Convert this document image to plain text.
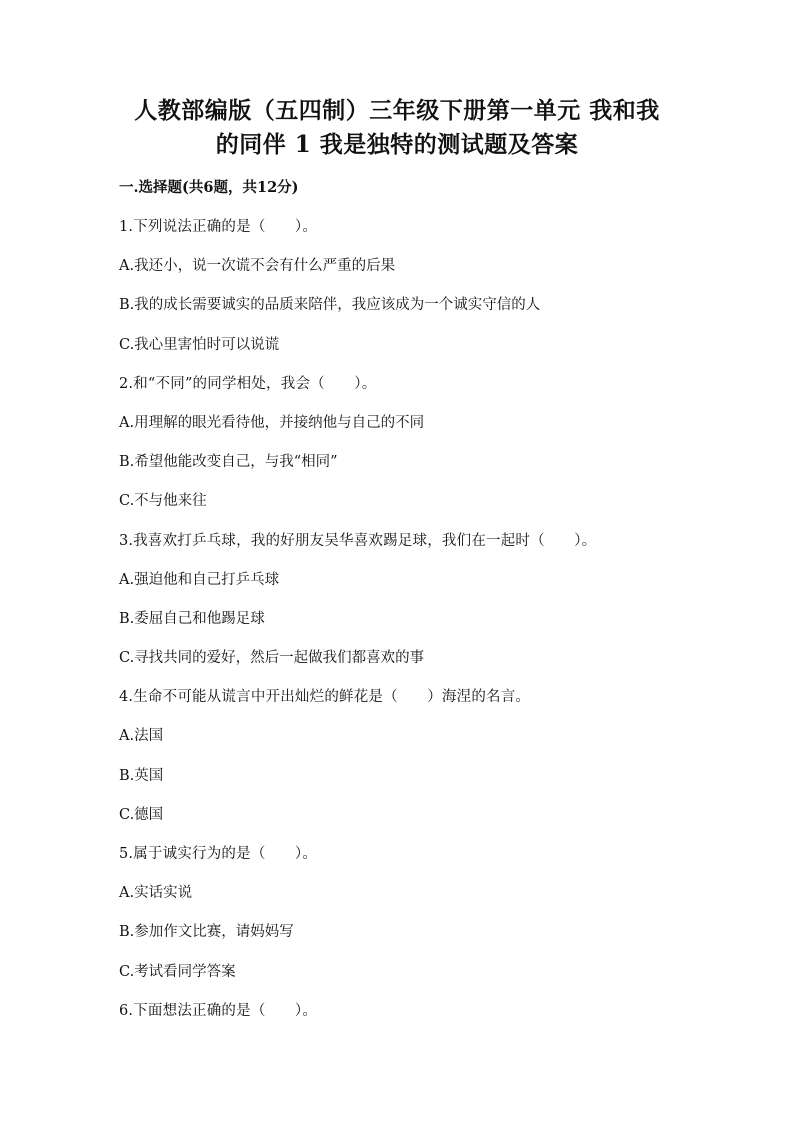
人教部编版（五四制）三年级下册第一单元 我和我
的同伴 1 我是独特的测试题及答案
一.选择题(共6题，共12分)
1.下列说法正确的是（　　）。
A.我还小，说一次谎不会有什么严重的后果
B.我的成长需要诚实的品质来陪伴，我应该成为一个诚实守信的人
C.我心里害怕时可以说谎
2.和“不同”的同学相处，我会（　　）。
A.用理解的眼光看待他，并接纳他与自己的不同
B.希望他能改变自己，与我“相同”
C.不与他来往
3.我喜欢打乒乓球，我的好朋友吴华喜欢踢足球，我们在一起时（　　）。
A.强迫他和自己打乒乓球
B.委屈自己和他踢足球
C.寻找共同的爱好，然后一起做我们都喜欢的事
4.生命不可能从谎言中开出灿烂的鲜花是（　　）海涅的名言。
A.法国
B.英国
C.德国
5.属于诚实行为的是（　　）。
A.实话实说
B.参加作文比赛，请妈妈写
C.考试看同学答案
6.下面想法正确的是（　　）。
